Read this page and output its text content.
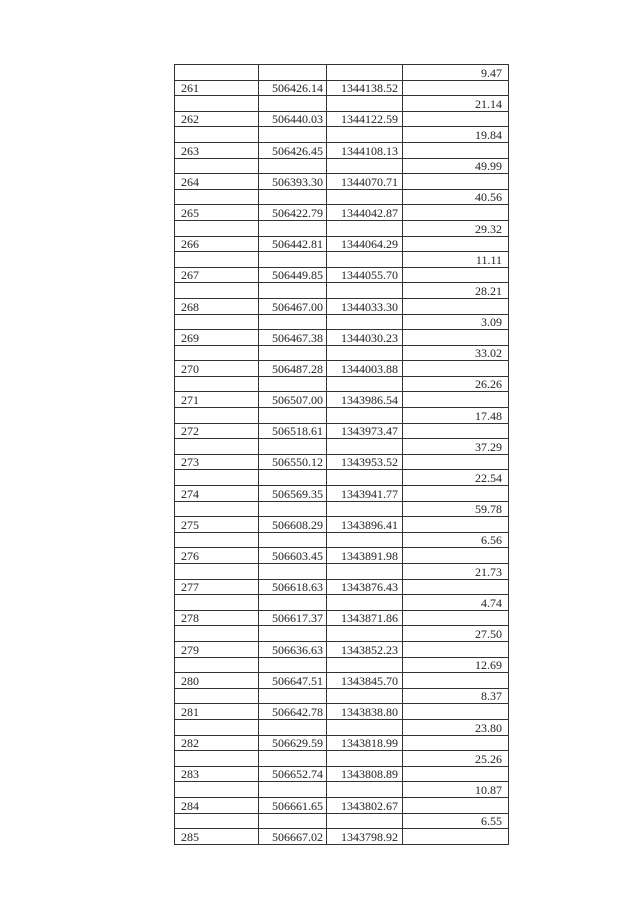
			9.47
261	506426.14	1344138.52	
			21.14
262	506440.03	1344122.59	
			19.84
263	506426.45	1344108.13	
			49.99
264	506393.30	1344070.71	
			40.56
265	506422.79	1344042.87	
			29.32
266	506442.81	1344064.29	
			11.11
267	506449.85	1344055.70	
			28.21
268	506467.00	1344033.30	
			3.09
269	506467.38	1344030.23	
			33.02
270	506487.28	1344003.88	
			26.26
271	506507.00	1343986.54	
			17.48
272	506518.61	1343973.47	
			37.29
273	506550.12	1343953.52	
			22.54
274	506569.35	1343941.77	
			59.78
275	506608.29	1343896.41	
			6.56
276	506603.45	1343891.98	
			21.73
277	506618.63	1343876.43	
			4.74
278	506617.37	1343871.86	
			27.50
279	506636.63	1343852.23	
			12.69
280	506647.51	1343845.70	
			8.37
281	506642.78	1343838.80	
			23.80
282	506629.59	1343818.99	
			25.26
283	506652.74	1343808.89	
			10.87
284	506661.65	1343802.67	
			6.55
285	506667.02	1343798.92	
